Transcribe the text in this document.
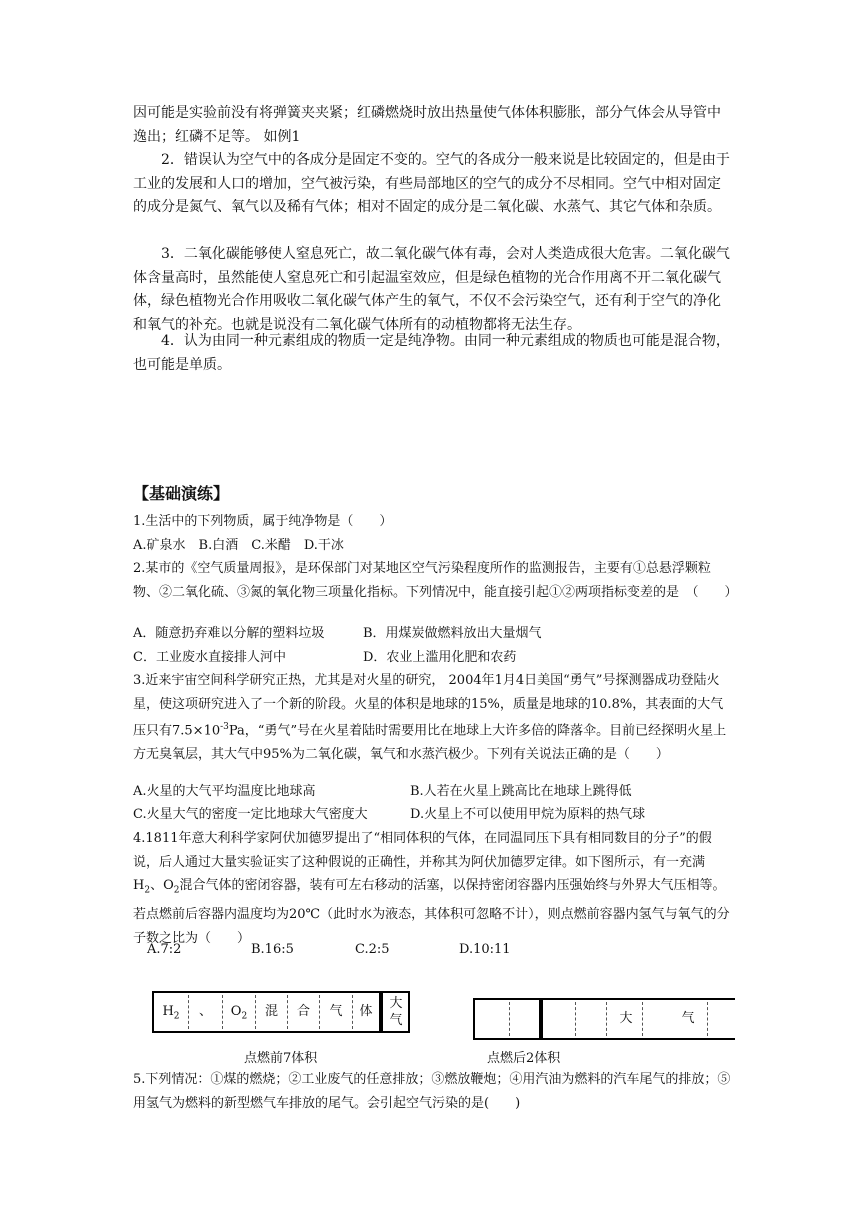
因可能是实验前没有将弹簧夹夹紧；红磷燃烧时放出热量使气体体积膨胀，部分气体会从导管中逸出；红磷不足等。 如例1

2．错误认为空气中的各成分是固定不变的。空气的各成分一般来说是比较固定的，但是由于工业的发展和人口的增加，空气被污染，有些局部地区的空气的成分不尽相同。空气中相对固定的成分是氮气、氧气以及稀有气体；相对不固定的成分是二氧化碳、水蒸气、其它气体和杂质。

3．二氧化碳能够使人窒息死亡，故二氧化碳气体有毒，会对人类造成很大危害。二氧化碳气体含量高时，虽然能使人窒息死亡和引起温室效应，但是绿色植物的光合作用离不开二氧化碳气体，绿色植物光合作用吸收二氧化碳气体产生的氧气，不仅不会污染空气，还有利于空气的净化和氧气的补充。也就是说没有二氧化碳气体所有的动植物都将无法生存。

4．认为由同一种元素组成的物质一定是纯净物。由同一种元素组成的物质也可能是混合物，也可能是单质。

【基础演练】

1.生活中的下列物质，属于纯净物是（　　）

A.矿泉水　B.白酒　C.米醋　D.干冰

2.某市的《空气质量周报》，是环保部门对某地区空气污染程度所作的监测报告，主要有①总悬浮颗粒物、②二氧化硫、③氮的氧化物三项量化指标。下列情况中，能直接引起①②两项指标变差的是　（　　）

A．随意扔弃难以分解的塑料垃圾	B．用煤炭做燃料放出大量烟气
C．工业废水直接排人河中	D．农业上滥用化肥和农药

3.近来宇宙空间科学研究正热，尤其是对火星的研究， 2004年1月4日美国“勇气”号探测器成功登陆火星，使这项研究进入了一个新的阶段。火星的体积是地球的15%，质量是地球的10.8%，其表面的大气压只有$7.5\times 10^{-3}Pa$，“勇气”号在火星着陆时需要用比在地球上大许多倍的降落伞。目前已经探明火星上方无臭氧层，其大气中95%为二氧化碳，氧气和水蒸汽极少。下列有关说法正确的是（　　）

A.火星的大气平均温度比地球高	B.人若在火星上跳高比在地球上跳得低
C.火星大气的密度一定比地球大气密度大	D.火星上不可以使用甲烷为原料的热气球

4.1811年意大利科学家阿伏加德罗提出了“相同体积的气体，在同温同压下具有相同数目的分子”的假说，后人通过大量实验证实了这种假说的正确性，并称其为阿伏加德罗定律。如下图所示，有一充满$H_2$、$O_2$混合气体的密闭容器，装有可左右移动的活塞，以保持密闭容器内压强始终与外界大气压相等。若点燃前后容器内温度均为20℃（此时水为液态，其体积可忽略不计），则点燃前容器内氢气与氧气的分子数之比为（　　）

A.7:2	B.16:5	C.2:5	D.10:11
$H_2$	、	$O_2$	混	合	气	体
大
气
点燃前7体积
大	气
点燃后2体积

5.下列情况：①煤的燃烧；②工业废气的任意排放；③燃放鞭炮；④用汽油为燃料的汽车尾气的排放；⑤用氢气为燃料的新型燃气车排放的尾气。会引起空气污染的是(　　)
